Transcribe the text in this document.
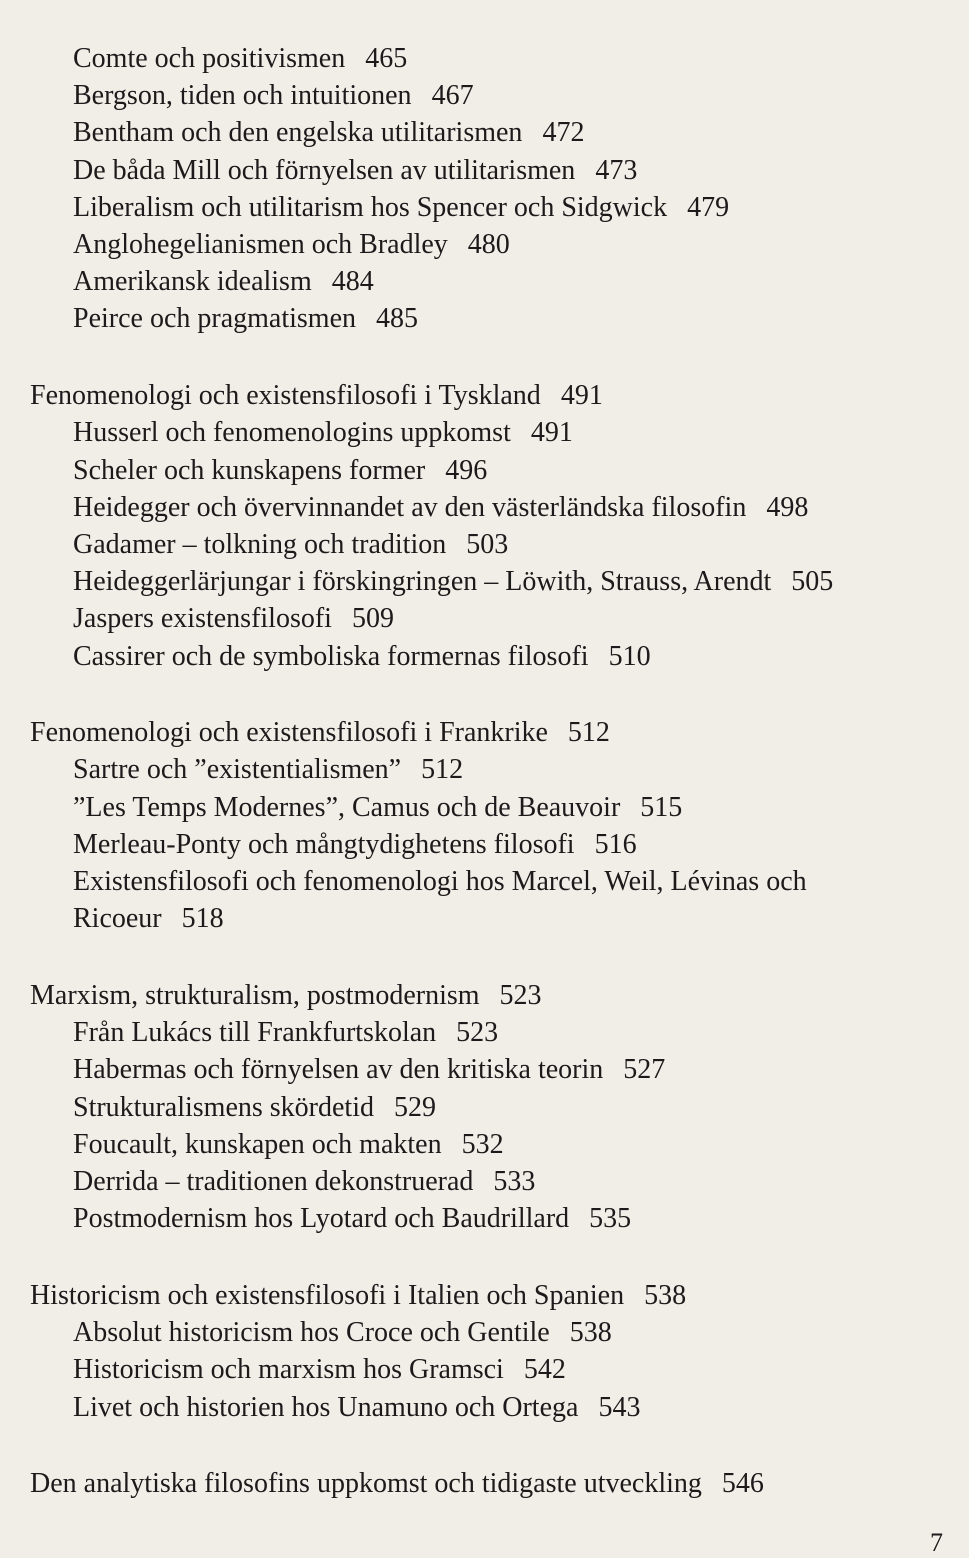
Comte och positivismen 465
Bergson, tiden och intuitionen 467
Bentham och den engelska utilitarismen 472
De båda Mill och förnyelsen av utilitarismen 473
Liberalism och utilitarism hos Spencer och Sidgwick 479
Anglohegelianismen och Bradley 480
Amerikansk idealism 484
Peirce och pragmatismen 485
Fenomenologi och existensfilosofi i Tyskland 491
Husserl och fenomenologins uppkomst 491
Scheler och kunskapens former 496
Heidegger och övervinnandet av den västerländska filosofin 498
Gadamer – tolkning och tradition 503
Heideggerlärjungar i förskingringen – Löwith, Strauss, Arendt 505
Jaspers existensfilosofi 509
Cassirer och de symboliska formernas filosofi 510
Fenomenologi och existensfilosofi i Frankrike 512
Sartre och ”existentialismen” 512
”Les Temps Modernes”, Camus och de Beauvoir 515
Merleau-Ponty och mångtydighetens filosofi 516
Existensfilosofi och fenomenologi hos Marcel, Weil, Lévinas och Ricoeur 518
Marxism, strukturalism, postmodernism 523
Från Lukács till Frankfurtskolan 523
Habermas och förnyelsen av den kritiska teorin 527
Strukturalismens skördetid 529
Foucault, kunskapen och makten 532
Derrida – traditionen dekonstruerad 533
Postmodernism hos Lyotard och Baudrillard 535
Historicism och existensfilosofi i Italien och Spanien 538
Absolut historicism hos Croce och Gentile 538
Historicism och marxism hos Gramsci 542
Livet och historien hos Unamuno och Ortega 543
Den analytiska filosofins uppkomst och tidigaste utveckling 546
7
